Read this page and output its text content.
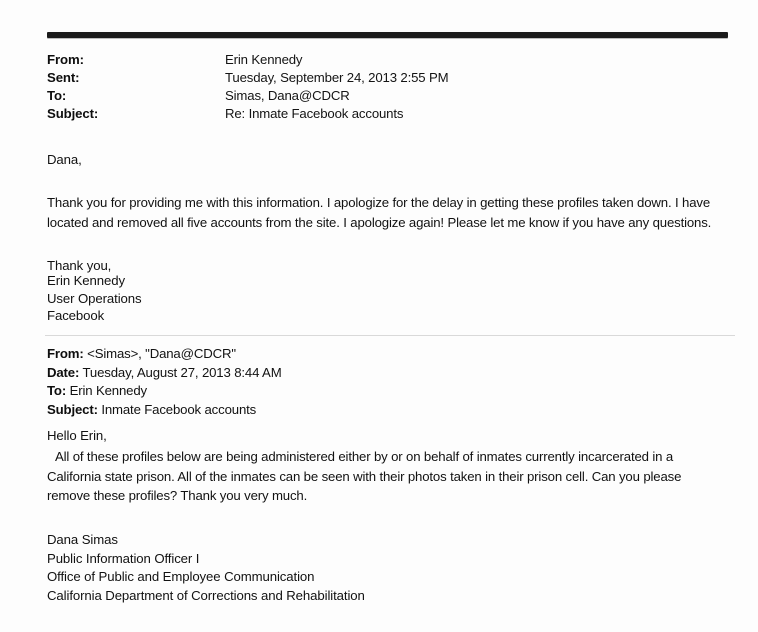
From:	Erin Kennedy
Sent:	Tuesday, September 24, 2013 2:55 PM
To:	Simas, Dana@CDCR
Subject:	Re: Inmate Facebook accounts

Dana,

Thank you for providing me with this information. I apologize for the delay in getting these profiles taken down. I have located and removed all five accounts from the site. I apologize again! Please let me know if you have any questions.

Thank you,

Erin Kennedy
User Operations
Facebook
From: <Simas>, "Dana@CDCR"
Date: Tuesday, August 27, 2013 8:44 AM
To: Erin Kennedy
Subject: Inmate Facebook accounts

Hello Erin,

All of these profiles below are being administered either by or on behalf of inmates currently incarcerated in a California state prison. All of the inmates can be seen with their photos taken in their prison cell. Can you please remove these profiles? Thank you very much.

Dana Simas
Public Information Officer I
Office of Public and Employee Communication
California Department of Corrections and Rehabilitation
